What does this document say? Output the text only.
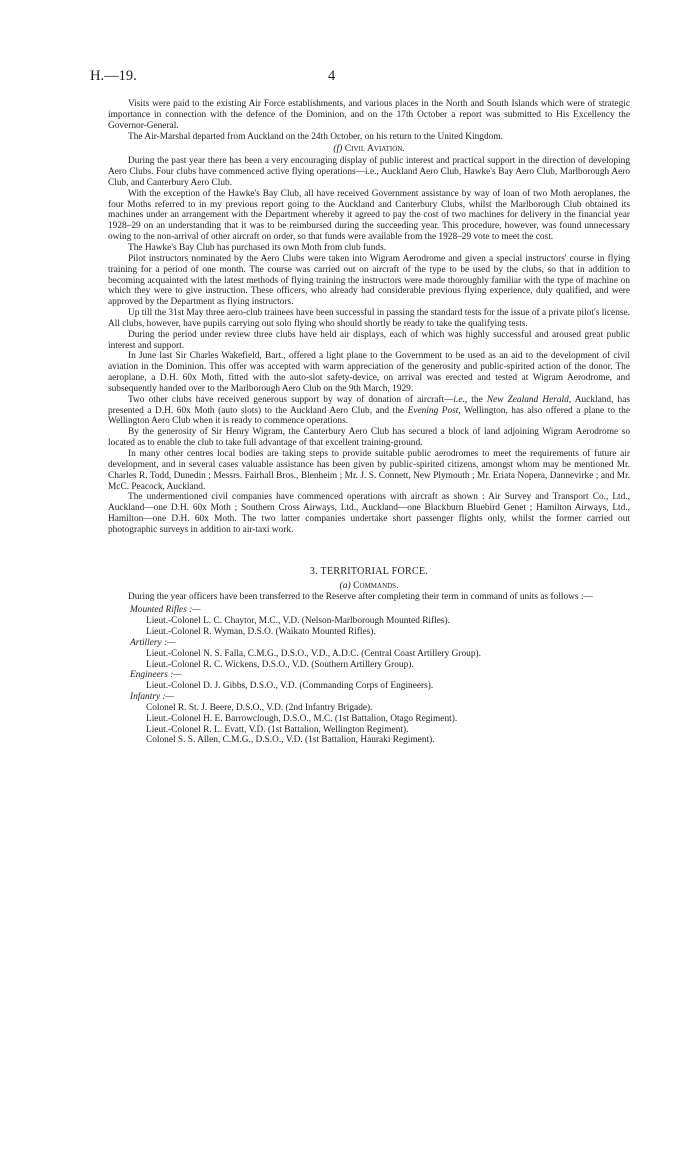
H.—19.	4

Visits were paid to the existing Air Force establishments, and various places in the North and South Islands which were of strategic importance in connection with the defence of the Dominion, and on the 17th October a report was submitted to His Excellency the Governor-General.

The Air-Marshal departed from Auckland on the 24th October, on his return to the United Kingdom.

(f) Civil Aviation.

During the past year there has been a very encouraging display of public interest and practical support in the direction of developing Aero Clubs. Four clubs have commenced active flying operations—i.e., Auckland Aero Club, Hawke's Bay Aero Club, Marlborough Aero Club, and Canterbury Aero Club.

With the exception of the Hawke's Bay Club, all have received Government assistance by way of loan of two Moth aeroplanes, the four Moths referred to in my previous report going to the Auckland and Canterbury Clubs, whilst the Marlborough Club obtained its machines under an arrangement with the Department whereby it agreed to pay the cost of two machines for delivery in the financial year 1928–29 on an understanding that it was to be reimbursed during the succeeding year. This procedure, however, was found unnecessary owing to the non-arrival of other aircraft on order, so that funds were available from the 1928–29 vote to meet the cost.

The Hawke's Bay Club has purchased its own Moth from club funds.

Pilot instructors nominated by the Aero Clubs were taken into Wigram Aerodrome and given a special instructors' course in flying training for a period of one month. The course was carried out on aircraft of the type to be used by the clubs, so that in addition to becoming acquainted with the latest methods of flying training the instructors were made thoroughly familiar with the type of machine on which they were to give instruction. These officers, who already had considerable previous flying experience, duly qualified, and were approved by the Department as flying instructors.

Up till the 31st May three aero-club trainees have been successful in passing the standard tests for the issue of a private pilot's license. All clubs, however, have pupils carrying out solo flying who should shortly be ready to take the qualifying tests.

During the period under review three clubs have held air displays, each of which was highly successful and aroused great public interest and support.

In June last Sir Charles Wakefield, Bart., offered a light plane to the Government to be used as an aid to the development of civil aviation in the Dominion. This offer was accepted with warm appreciation of the generosity and public-spirited action of the donor. The aeroplane, a D.H. 60x Moth, fitted with the auto-slot safety-device, on arrival was erected and tested at Wigram Aerodrome, and subsequently handed over to the Marlborough Aero Club on the 9th March, 1929.

Two other clubs have received generous support by way of donation of aircraft—i.e., the New Zealand Herald, Auckland, has presented a D.H. 60x Moth (auto slots) to the Auckland Aero Club, and the Evening Post, Wellington, has also offered a plane to the Wellington Aero Club when it is ready to commence operations.

By the generosity of Sir Henry Wigram, the Canterbury Aero Club has secured a block of land adjoining Wigram Aerodrome so located as to enable the club to take full advantage of that excellent training-ground.

In many other centres local bodies are taking steps to provide suitable public aerodromes to meet the requirements of future air development, and in several cases valuable assistance has been given by public-spirited citizens, amongst whom may be mentioned Mr. Charles R. Todd, Dunedin ; Messrs. Fairhall Bros., Blenheim ; Mr. J. S. Connett, New Plymouth ; Mr. Eriata Nopera, Dannevirke ; and Mr. McC. Peacock, Auckland.

The undermentioned civil companies have commenced operations with aircraft as shown : Air Survey and Transport Co., Ltd., Auckland—one D.H. 60x Moth ; Southern Cross Airways, Ltd., Auckland—one Blackburn Bluebird Genet ; Hamilton Airways, Ltd., Hamilton—one D.H. 60x Moth. The two latter companies undertake short passenger flights only, whilst the former carried out photographic surveys in addition to air-taxi work.

3. TERRITORIAL FORCE.
(a) Commands.

During the year officers have been transferred to the Reserve after completing their term in command of units as follows :—

Mounted Rifles :—
Lieut.-Colonel L. C. Chaytor, M.C., V.D. (Nelson-Marlborough Mounted Rifles).
Lieut.-Colonel R. Wyman, D.S.O. (Waikato Mounted Rifles).
Artillery :—
Lieut.-Colonel N. S. Falla, C.M.G., D.S.O., V.D., A.D.C. (Central Coast Artillery Group).
Lieut.-Colonel R. C. Wickens, D.S.O., V.D. (Southern Artillery Group).
Engineers :—
Lieut.-Colonel D. J. Gibbs, D.S.O., V.D. (Commanding Corps of Engineers).
Infantry :—
Colonel R. St. J. Beere, D.S.O., V.D. (2nd Infantry Brigade).
Lieut.-Colonel H. E. Barrowclough, D.S.O., M.C. (1st Battalion, Otago Regiment).
Lieut.-Colonel R. L. Evatt, V.D. (1st Battalion, Wellington Regiment).
Colonel S. S. Allen, C.M.G., D.S.O., V.D. (1st Battalion, Hauraki Regiment).
